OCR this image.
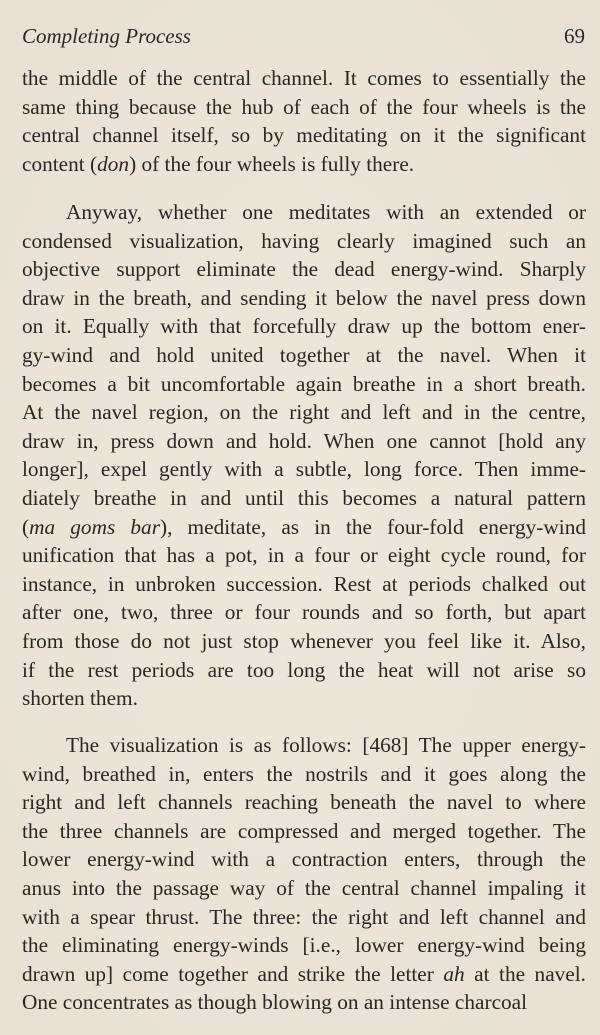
Completing Process	69
the middle of the central channel. It comes to essentially the
same thing because the hub of each of the four wheels is the
central channel itself, so by meditating on it the significant
content (don) of the four wheels is fully there.
Anyway, whether one meditates with an extended or
condensed visualization, having clearly imagined such an
objective support eliminate the dead energy-wind. Sharply
draw in the breath, and sending it below the navel press down
on it. Equally with that forcefully draw up the bottom ener-
gy-wind and hold united together at the navel. When it
becomes a bit uncomfortable again breathe in a short breath.
At the navel region, on the right and left and in the centre,
draw in, press down and hold. When one cannot [hold any
longer], expel gently with a subtle, long force. Then imme-
diately breathe in and until this becomes a natural pattern
(ma goms bar), meditate, as in the four-fold energy-wind
unification that has a pot, in a four or eight cycle round, for
instance, in unbroken succession. Rest at periods chalked out
after one, two, three or four rounds and so forth, but apart
from those do not just stop whenever you feel like it. Also,
if the rest periods are too long the heat will not arise so
shorten them.
The visualization is as follows: [468] The upper energy-
wind, breathed in, enters the nostrils and it goes along the
right and left channels reaching beneath the navel to where
the three channels are compressed and merged together. The
lower energy-wind with a contraction enters, through the
anus into the passage way of the central channel impaling it
with a spear thrust. The three: the right and left channel and
the eliminating energy-winds [i.e., lower energy-wind being
drawn up] come together and strike the letter ah at the navel.
One concentrates as though blowing on an intense charcoal
